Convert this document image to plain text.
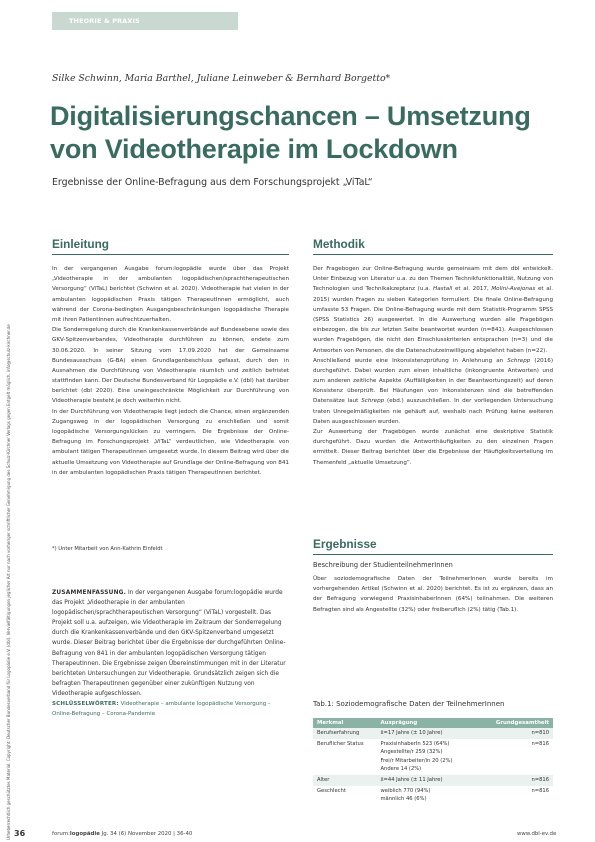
Urheberrechtlich geschütztes Material. Copyright: Deutscher Bundesverband für Logopädie e.V. (dbl). Vervielfältigungen jeglicher Art nur nach vorheriger schriftlicher Genehmigung des Schulz-Kirchner Verlags gegen Entgelt möglich. info@schulz-kirchner.de
THEORIE & PRAXIS
Silke Schwinn, Maria Barthel, Juliane Leinweber & Bernhard Borgetto*
Digitalisierungschancen – Umsetzung
von Videotherapie im Lockdown
Ergebnisse der Online-Befragung aus dem Forschungsprojekt „ViTaL“
Einleitung

In der vergangenen Ausgabe forum:logopädie wurde über das Projekt „Videotherapie in der ambulanten logopädischen/sprachtherapeutischen Versorgung“ (ViTaL) berichtet (Schwinn et al. 2020). Videotherapie hat vielen in der ambulanten logopädischen Praxis tätigen TherapeutInnen ermöglicht, auch während der Corona-bedingten Ausgangsbeschränkungen logopädische Therapie mit ihren PatientInnen aufrechtzuerhalten.

Die Sonderregelung durch die Krankenkassenverbände auf Bundesebene sowie des GKV-Spitzenverbandes, Videotherapie durchführen zu können, endete zum 30.06.2020. In seiner Sitzung vom 17.09.2020 hat der Gemeinsame Bundesausschuss (G-BA) einen Grundlagenbeschluss gefasst, durch den in Ausnahmen die Durchführung von Videotherapie räumlich und zeitlich befristet stattfinden kann. Der Deutsche Bundesverband für Logopädie e.V. (dbl) hat darüber berichtet (dbl 2020). Eine uneingeschränkte Möglichkeit zur Durchführung von Videotherapie besteht je doch weiterhin nicht.

In der Durchführung von Videotherapie liegt jedoch die Chance, einen ergänzenden Zugangsweg in der logopädischen Versorgung zu erschließen und somit logopädische Versorgungslücken zu verringern. Die Ergebnisse der Online-Befragung im Forschungsprojekt „ViTaL“ verdeutlichen, wie Videotherapie von ambulant tätigen TherapeutInnen umgesetzt wurde. In diesem Beitrag wird über die aktuelle Umsetzung von Videotherapie auf Grundlage der Online-Befragung von 841 in der ambulanten logopädischen Praxis tätigen TherapeutInnen berichtet.

*) Unter Mitarbeit von Ann-Kathrin Einfeldt
ZUSAMMENFASSUNG. In der vergangenen Ausgabe forum:logopädie wurde das Projekt „Videotherapie in der ambulanten logopädischen/sprachtherapeutischen Versorgung“ (ViTaL) vorgestellt. Das Projekt soll u.a. aufzeigen, wie Videotherapie im Zeitraum der Sonderregelung durch die Krankenkassenverbände und den GKV-Spitzenverband umgesetzt wurde. Dieser Beitrag berichtet über die Ergebnisse der durchgeführten Online-Befragung von 841 in der ambulanten logopädischen Versorgung tätigen TherapeutInnen. Die Ergebnisse zeigen Übereinstimmungen mit in der Literatur berichteten Untersuchungen zur Videotherapie. Grundsätzlich zeigen sich die befragten TherapeutInnen gegenüber einer zukünftigen Nutzung von Videotherapie aufgeschlossen.
SCHLÜSSELWÖRTER: Videotherapie – ambulante logopädische Versorgung – Online-Befragung – Corona-Pandemie
Methodik

Der Fragebogen zur Online-Befragung wurde gemeinsam mit dem dbl entwickelt. Unter Einbezug von Literatur u.a. zu den Themen Technikfunktionalität, Nutzung von Technologien und Technikakzeptanz (u.a. Hastall et al. 2017, Molini-Avejonas et al. 2015) wurden Fragen zu sieben Kategorien formuliert. Die finale Online-Befragung umfasste 53 Fragen. Die Online-Befragung wurde mit dem Statistik-Programm SPSS (SPSS Statistics 26) ausgewertet. In die Auswertung wurden alle Fragebögen einbezogen, die bis zur letzten Seite beantwortet wurden (n=841). Ausgeschlossen wurden Fragebögen, die nicht den Einschlusskriterien entsprachen (n=3) und die Antworten von Personen, die die Datenschutzeinwilligung abgelehnt haben (n=22).

Anschließend wurde eine Inkonsistenzprüfung in Anlehnung an Schrepp (2016) durchgeführt. Dabei wurden zum einen inhaltliche (inkongruente Antworten) und zum anderen zeitliche Aspekte (Auffälligkeiten in der Beantwortungszeit) auf deren Konsistenz überprüft. Bei Häufungen von Inkonsistenzen sind die betreffenden Datensätze laut Schrepp (ebd.) auszuschließen. In der vorliegenden Untersuchung traten Unregelmäßigkeiten nie gehäuft auf, weshalb nach Prüfung keine weiteren Daten ausgeschlossen wurden.

Zur Auswertung der Fragebögen wurde zunächst eine deskriptive Statistik durchgeführt. Dazu wurden die Antworthäufigkeiten zu den einzelnen Fragen ermittelt. Dieser Beitrag berichtet über die Ergebnisse der Häufigkeitsverteilung im Themenfeld „aktuelle Umsetzung“.

Ergebnisse
Beschreibung der StudienteilnehmerInnen

Über soziodemografische Daten der TeilnehmerInnen wurde bereits im vorhergehenden Artikel (Schwinn et al. 2020) berichtet. Es ist zu ergänzen, dass an der Befragung vorwiegend PraxisinhaberInnen (64%) teilnahmen. Die weiteren Befragten sind als Angestellte (32%) oder freiberuflich (2%) tätig (Tab.1).

Tab.1: Soziodemografische Daten der TeilnehmerInnen
Merkmal	Ausprägung	Grundgesamtheit
Berufserfahrung	x̄=17 Jahre (± 10 Jahre)	n=810
Beruflicher Status	PraxisinhaberIn 523 (64%)
Angestellte/r 259 (32%)
Frei/r Mitarbeiter/in 20 (2%)
Andere 14 (2%)	n=816
Alter	x̄=44 Jahre (± 11 Jahre)	n=816
Geschlecht	weiblich 770 (94%)
männlich 46 (6%)	n=816
36	forum:logopädie Jg. 34 (6) November 2020 | 36-40	www.dbl-ev.de
